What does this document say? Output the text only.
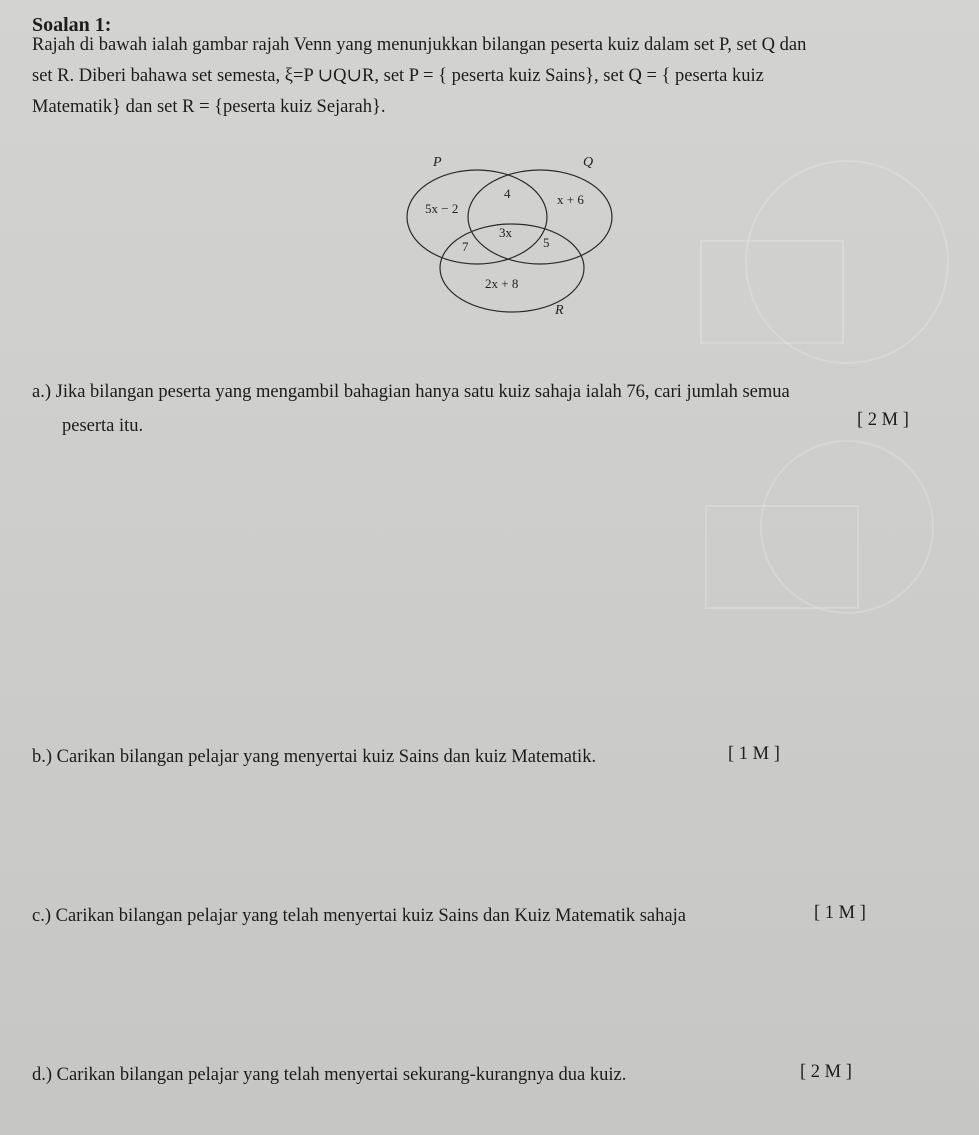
Soalan 1:

Rajah di bawah ialah gambar rajah Venn yang menunjukkan bilangan peserta kuiz dalam set P, set Q dan

set R. Diberi bahawa set semesta, ξ=P ∪Q∪R, set P = { peserta kuiz Sains}, set Q = { peserta kuiz

Matematik} dan set R = {peserta kuiz Sejarah}.

P	Q
R
5x − 2
4	x + 6
3x
7	5
2x + 8
a.) Jika bilangan peserta yang mengambil bahagian hanya satu kuiz sahaja ialah 76, cari jumlah semua
peserta itu.	[ 2 M ]
b.) Carikan bilangan pelajar yang menyertai kuiz Sains dan kuiz Matematik.	[ 1 M ]
c.) Carikan bilangan pelajar yang telah menyertai kuiz Sains dan Kuiz Matematik sahaja	[ 1 M ]
d.) Carikan bilangan pelajar yang telah menyertai sekurang-kurangnya dua kuiz.	[ 2 M ]
